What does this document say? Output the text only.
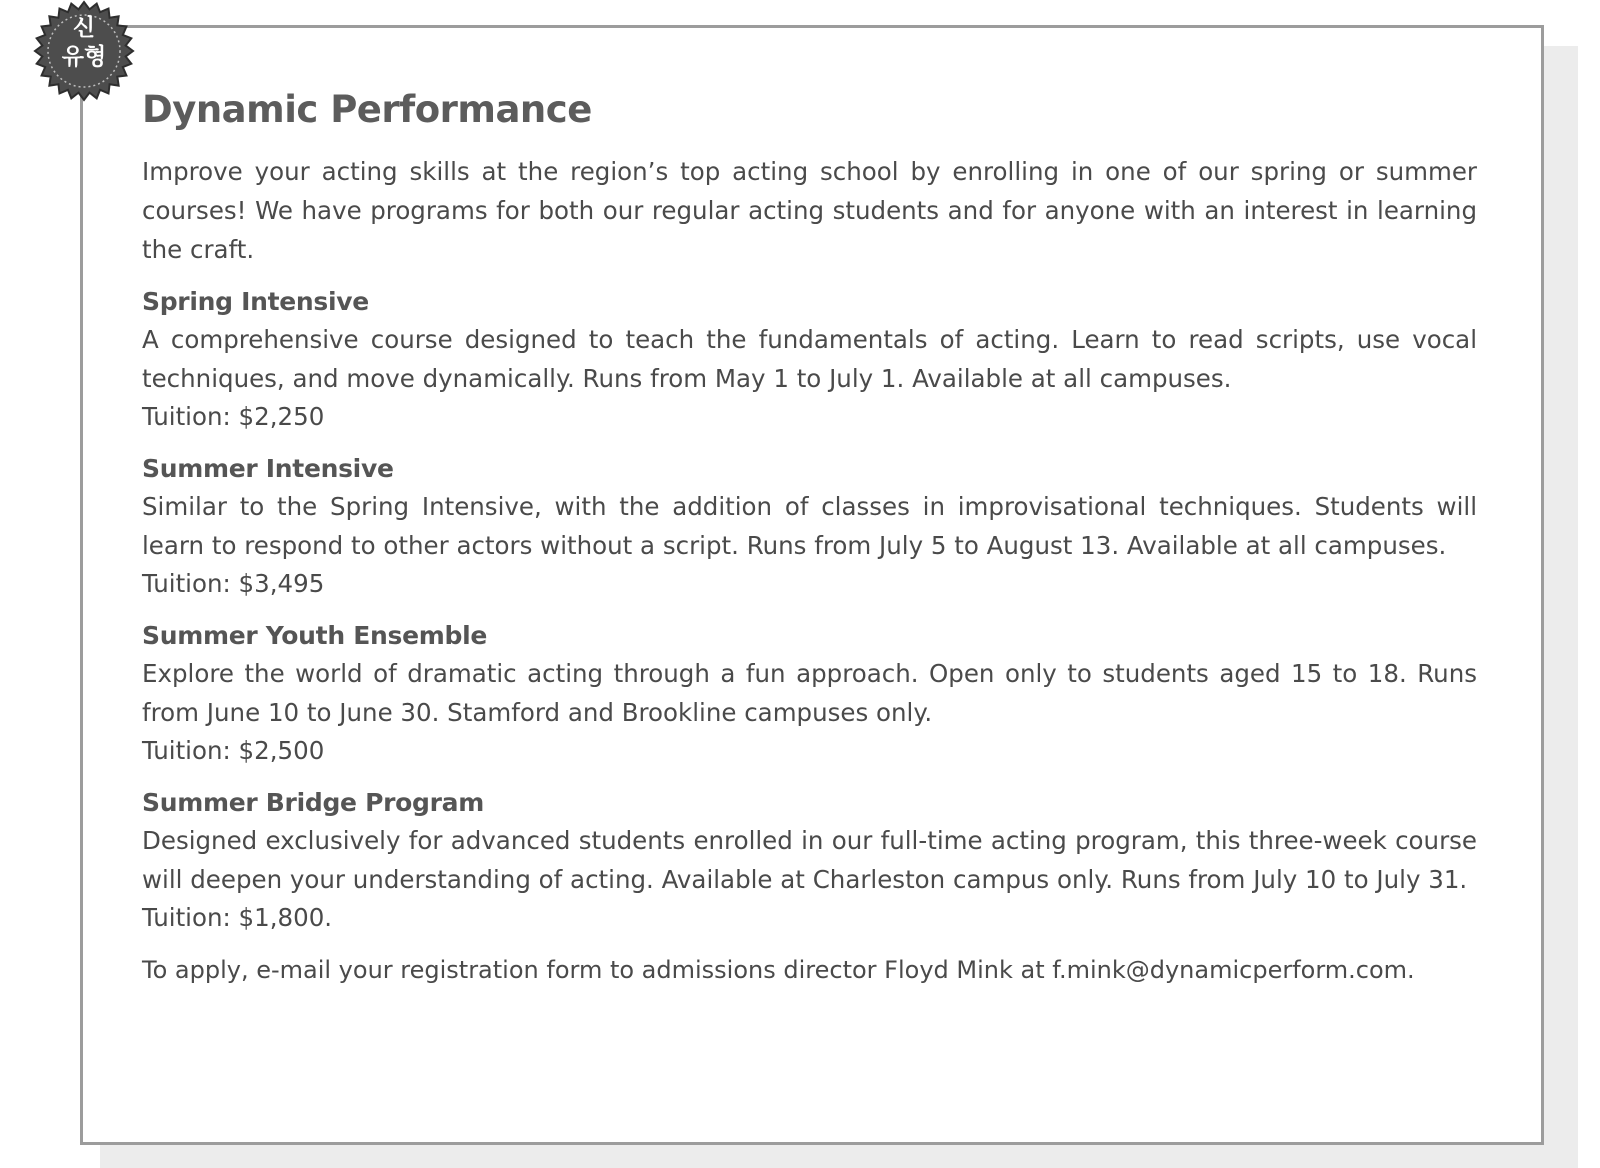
신
유형
Dynamic Performance

Improve your acting skills at the region’s top acting school by enrolling in one of our spring or summer courses! We have programs for both our regular acting students and for anyone with an interest in learning the craft.

Spring Intensive

A comprehensive course designed to teach the fundamentals of acting. Learn to read scripts, use vocal techniques, and move dynamically. Runs from May 1 to July 1. Available at all campuses.

Tuition: $2,250

Summer Intensive

Similar to the Spring Intensive, with the addition of classes in improvisational techniques. Students will learn to respond to other actors without a script. Runs from July 5 to August 13. Available at all campuses.

Tuition: $3,495

Summer Youth Ensemble

Explore the world of dramatic acting through a fun approach. Open only to students aged 15 to 18. Runs from June 10 to June 30. Stamford and Brookline campuses only.

Tuition: $2,500

Summer Bridge Program

Designed exclusively for advanced students enrolled in our full-time acting program, this three-week course will deepen your understanding of acting. Available at Charleston campus only. Runs from July 10 to July 31.

Tuition: $1,800.

To apply, e-mail your registration form to admissions director Floyd Mink at f.mink@dynamicperform.com.
